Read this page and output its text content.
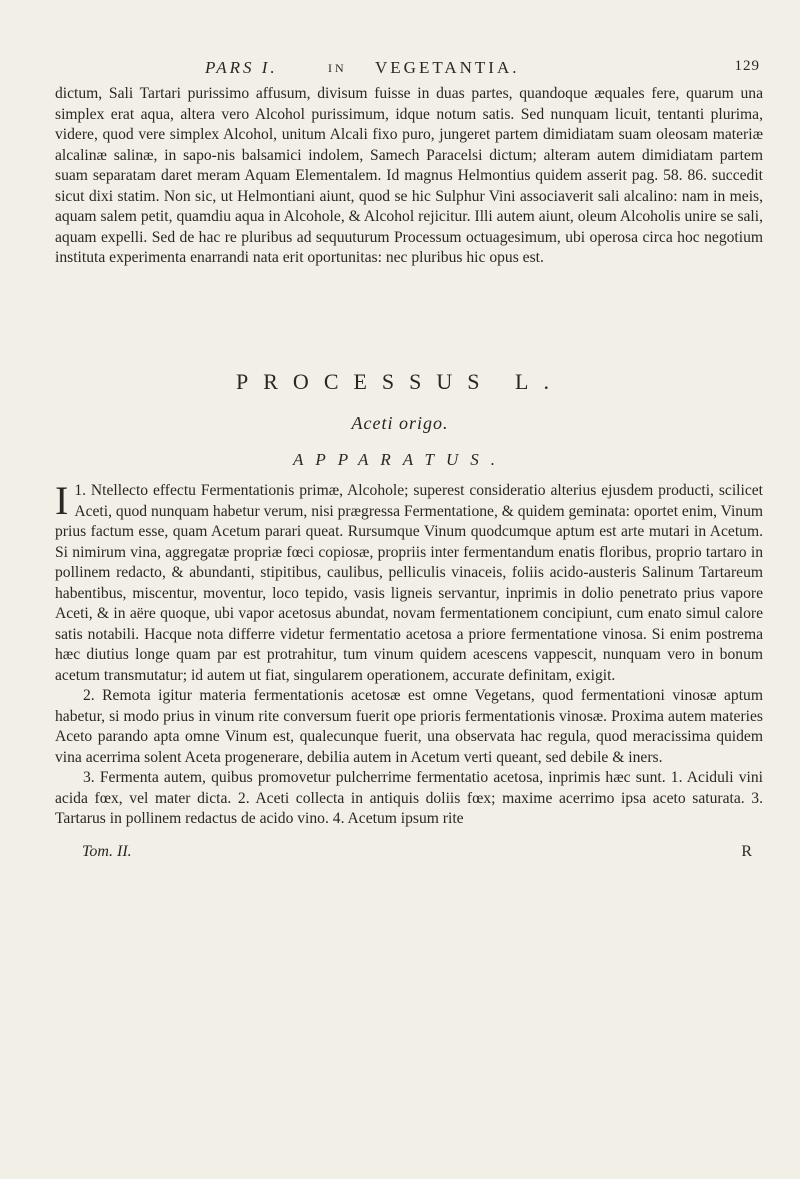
PARS I.	IN VEGETANTIA.	129

dictum, Sali Tartari purissimo affusum, divisum fuisse in duas partes, quandoque æquales fere, quarum una simplex erat aqua, altera vero Alcohol purissimum, idque notum satis. Sed nunquam licuit, tentanti plurima, videre, quod vere simplex Alcohol, unitum Alcali fixo puro, jungeret partem dimidiatam suam oleosam materiæ alcalinæ salinæ, in sapo-nis balsamici indolem, Samech Paracelsi dictum; alteram autem dimidiatam partem suam separatam daret meram Aquam Elementalem. Id magnus Helmontius quidem asserit pag. 58. 86. succedit sicut dixi statim. Non sic, ut Helmontiani aiunt, quod se hic Sulphur Vini associaverit sali alcalino: nam in meis, aquam salem petit, quamdiu aqua in Alcohole, & Alcohol rejicitur. Illi autem aiunt, oleum Alcoholis unire se sali, aquam expelli. Sed de hac re pluribus ad sequuturum Processum octuagesimum, ubi operosa circa hoc negotium instituta experimenta enarrandi nata erit oportunitas: nec pluribus hic opus est.

PROCESSUS L.
Aceti origo.
APPARATUS.

1.
I Ntellecto effectu Fermentationis primæ, Alcohole; superest consideratio alterius ejusdem producti, scilicet Aceti, quod nunquam habetur verum, nisi prægressa Fermentatione, & quidem geminata: oportet enim, Vinum prius factum esse, quam Acetum parari queat. Rursumque Vinum quodcumque aptum est arte mutari in Acetum. Si nimirum vina, aggregatæ propriæ fœci copiosæ, propriis inter fermentandum enatis floribus, proprio tartaro in pollinem redacto, & abundanti, stipitibus, caulibus, pelliculis vinaceis, foliis acido-austeris Salinum Tartareum habentibus, miscentur, moventur, loco tepido, vasis ligneis servantur, inprimis in dolio penetrato prius vapore Aceti, & in aëre quoque, ubi vapor acetosus abundat, novam fermentationem concipiunt, cum enato simul calore satis notabili. Hacque nota differre videtur fermentatio acetosa a priore fermentatione vinosa. Si enim postrema hæc diutius longe quam par est protrahitur, tum vinum quidem acescens vappescit, nunquam vero in bonum acetum transmutatur; id autem ut fiat, singularem operationem, accurate definitam, exigit.

2. Remota igitur materia fermentationis acetosæ est omne Vegetans, quod fermentationi vinosæ aptum habetur, si modo prius in vinum rite conversum fuerit ope prioris fermentationis vinosæ. Proxima autem materies Aceto parando apta omne Vinum est, qualecunque fuerit, una observata hac regula, quod meracissima quidem vina acerrima solent Aceta progenerare, debilia autem in Acetum verti queant, sed debile & iners.

3. Fermenta autem, quibus promovetur pulcherrime fermentatio acetosa, inprimis hæc sunt. 1. Aciduli vini acida fœx, vel mater dicta. 2. Aceti collecta in antiquis doliis fœx; maxime acerrimo ipsa aceto saturata. 3. Tartarus in pollinem redactus de acido vino. 4. Acetum ipsum rite

Tom. II.	R
